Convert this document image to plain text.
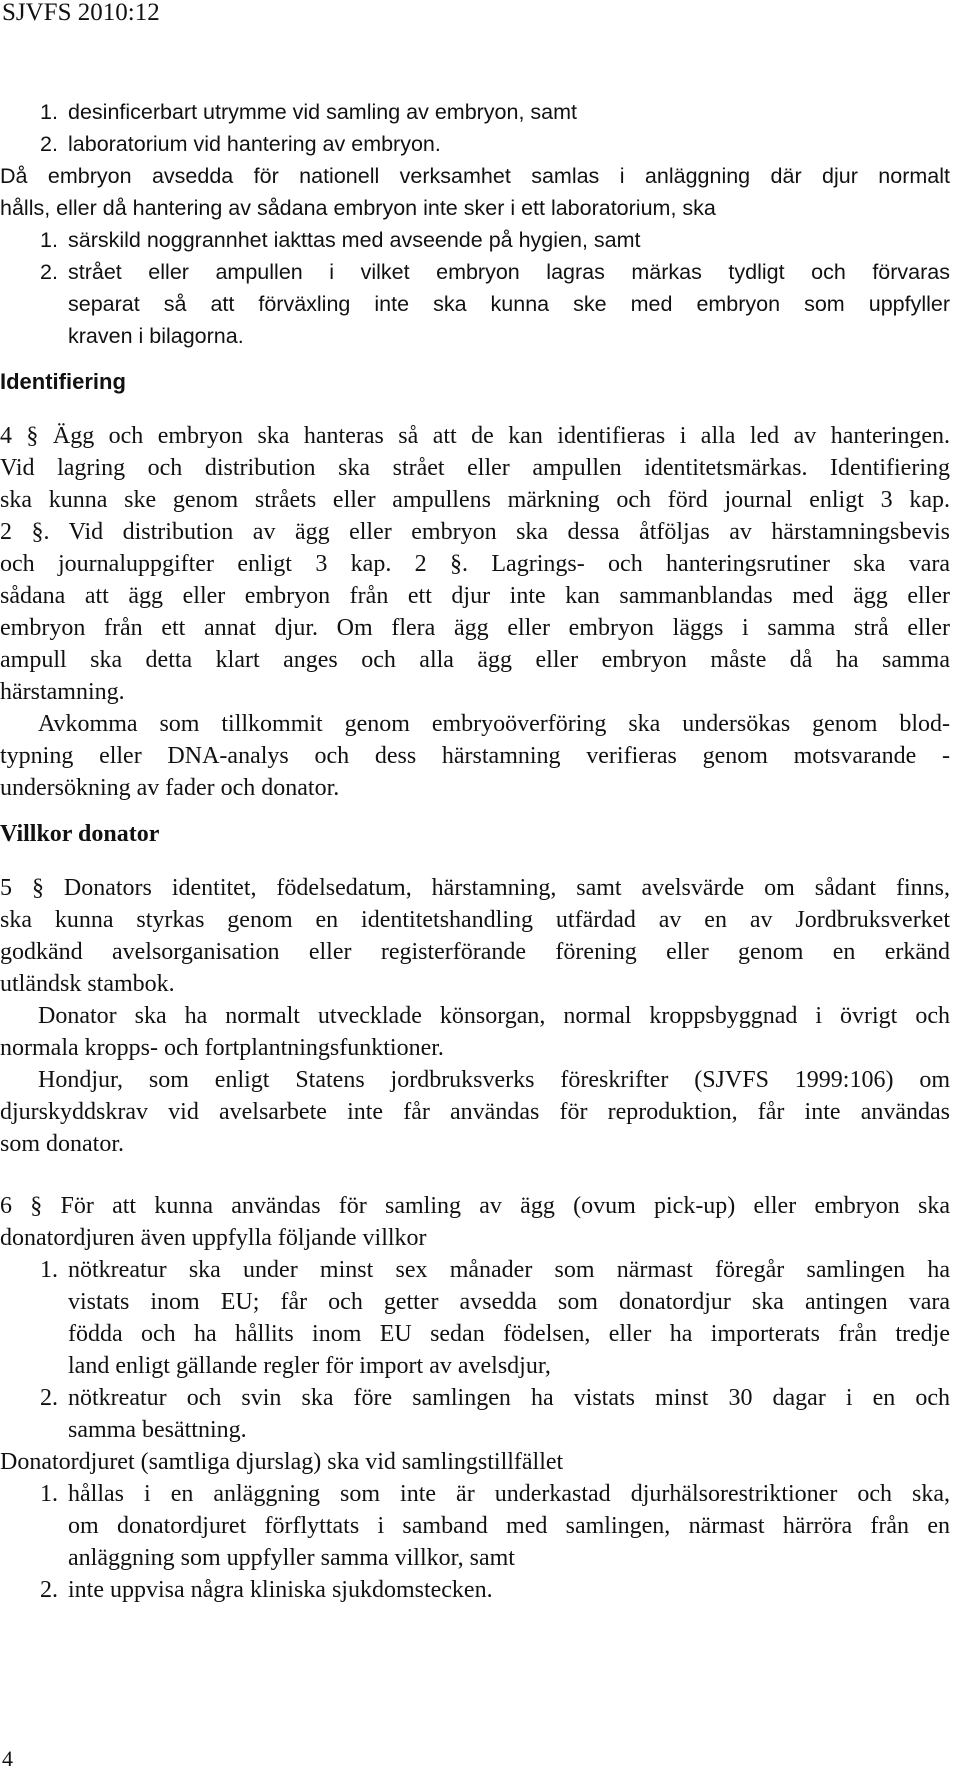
SJVFS 2010:12
1. desinficerbart utrymme vid samling av embryon, samt
2. laboratorium vid hantering av embryon.
Då embryon avsedda för nationell verksamhet samlas i anläggning där djur normalt
hålls, eller då hantering av sådana embryon inte sker i ett laboratorium, ska
1. särskild noggrannhet iakttas med avseende på hygien, samt
2. strået eller ampullen i vilket embryon lagras märkas tydligt och förvaras
separat så att förväxling inte ska kunna ske med embryon som uppfyller
kraven i bilagorna.
Identifiering
4 § Ägg och embryon ska hanteras så att de kan identifieras i alla led av hanteringen.
Vid lagring och distribution ska strået eller ampullen identitetsmärkas. Identifiering
ska kunna ske genom stråets eller ampullens märkning och förd journal enligt 3 kap.
2 §. Vid distribution av ägg eller embryon ska dessa åtföljas av härstamningsbevis
och journaluppgifter enligt 3 kap. 2 §. Lagrings- och hanteringsrutiner ska vara
sådana att ägg eller embryon från ett djur inte kan sammanblandas med ägg eller
embryon från ett annat djur. Om flera ägg eller embryon läggs i samma strå eller
ampull ska detta klart anges och alla ägg eller embryon måste då ha samma
härstamning.
Avkomma som tillkommit genom embryoöverföring ska undersökas genom blod-
typning eller DNA-analys och dess härstamning verifieras genom motsvarande -
undersökning av fader och donator.
Villkor donator
5 § Donators identitet, födelsedatum, härstamning, samt avelsvärde om sådant finns,
ska kunna styrkas genom en identitetshandling utfärdad av en av Jordbruksverket
godkänd avelsorganisation eller registerförande förening eller genom en erkänd
utländsk stambok.
Donator ska ha normalt utvecklade könsorgan, normal kroppsbyggnad i övrigt och
normala kropps- och fortplantningsfunktioner.
Hondjur, som enligt Statens jordbruksverks föreskrifter (SJVFS 1999:106) om
djurskyddskrav vid avelsarbete inte får användas för reproduktion, får inte användas
som donator.
6 § För att kunna användas för samling av ägg (ovum pick-up) eller embryon ska
donatordjuren även uppfylla följande villkor
1. nötkreatur ska under minst sex månader som närmast föregår samlingen ha
vistats inom EU; får och getter avsedda som donatordjur ska antingen vara
födda och ha hållits inom EU sedan födelsen, eller ha importerats från tredje
land enligt gällande regler för import av avelsdjur,
2. nötkreatur och svin ska före samlingen ha vistats minst 30 dagar i en och
samma besättning.
Donatordjuret (samtliga djurslag) ska vid samlingstillfället
1. hållas i en anläggning som inte är underkastad djurhälsorestriktioner och ska,
om donatordjuret förflyttats i samband med samlingen, närmast härröra från en
anläggning som uppfyller samma villkor, samt
2. inte uppvisa några kliniska sjukdomstecken.
4
